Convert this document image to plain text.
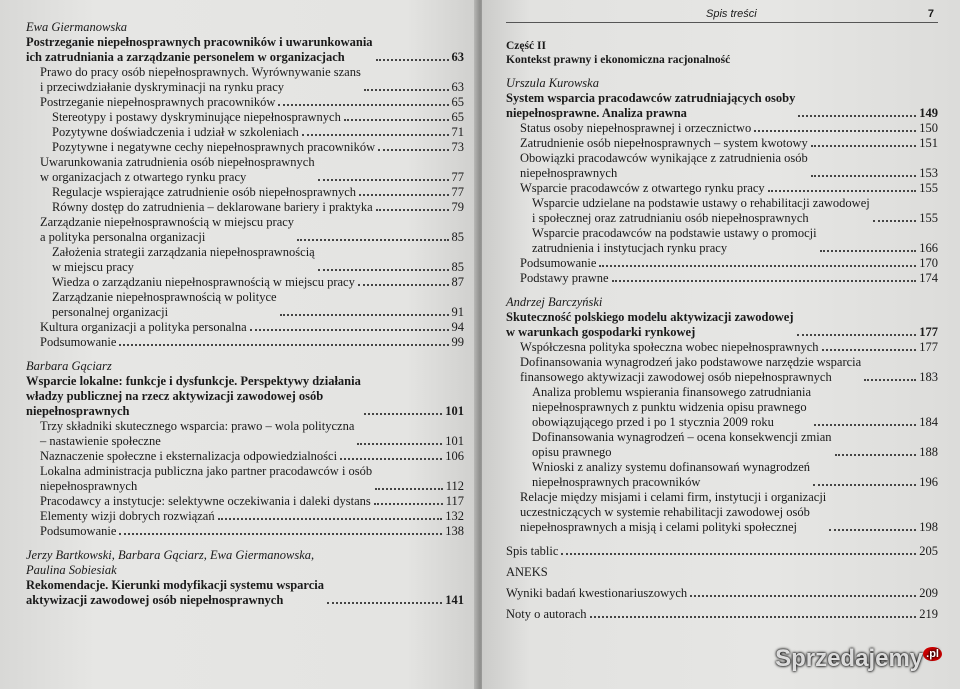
Ewa Giermanowska
Postrzeganie niepełnosprawnych pracowników i uwarunkowania
ich zatrudniania a zarządzanie personelem w organizacjach	63
Prawo do pracy osób niepełnosprawnych. Wyrównywanie szans
i przeciwdziałanie dyskryminacji na rynku pracy	63
Postrzeganie niepełnosprawnych pracowników	65
Stereotypy i postawy dyskryminujące niepełnosprawnych	65
Pozytywne doświadczenia i udział w szkoleniach	71
Pozytywne i negatywne cechy niepełnosprawnych pracowników	73
Uwarunkowania zatrudnienia osób niepełnosprawnych
w organizacjach z otwartego rynku pracy	77
Regulacje wspierające zatrudnienie osób niepełnosprawnych	77
Równy dostęp do zatrudnienia – deklarowane bariery i praktyka	79
Zarządzanie niepełnosprawnością w miejscu pracy
a polityka personalna organizacji	85
Założenia strategii zarządzania niepełnosprawnością
w miejscu pracy	85
Wiedza o zarządzaniu niepełnosprawnością w miejscu pracy	87
Zarządzanie niepełnosprawnością w polityce
personalnej organizacji	91
Kultura organizacji a polityka personalna	94
Podsumowanie	99
Barbara Gąciarz
Wsparcie lokalne: funkcje i dysfunkcje. Perspektywy działania
władzy publicznej na rzecz aktywizacji zawodowej osób
niepełnosprawnych	101
Trzy składniki skutecznego wsparcia: prawo – wola polityczna
– nastawienie społeczne	101
Naznaczenie społeczne i eksternalizacja odpowiedzialności	106
Lokalna administracja publiczna jako partner pracodawców i osób
niepełnosprawnych	112
Pracodawcy a instytucje: selektywne oczekiwania i daleki dystans	117
Elementy wizji dobrych rozwiązań	132
Podsumowanie	138
Jerzy Bartkowski, Barbara Gąciarz, Ewa Giermanowska,
Paulina Sobiesiak
Rekomendacje. Kierunki modyfikacji systemu wsparcia
aktywizacji zawodowej osób niepełnosprawnych	141
Spis treści	7
Część II
Kontekst prawny i ekonomiczna racjonalność
Urszula Kurowska
System wsparcia pracodawców zatrudniających osoby
niepełnosprawne. Analiza prawna	149
Status osoby niepełnosprawnej i orzecznictwo	150
Zatrudnienie osób niepełnosprawnych – system kwotowy	151
Obowiązki pracodawców wynikające z zatrudnienia osób
niepełnosprawnych	153
Wsparcie pracodawców z otwartego rynku pracy	155
Wsparcie udzielane na podstawie ustawy o rehabilitacji zawodowej
i społecznej oraz zatrudnianiu osób niepełnosprawnych	155
Wsparcie pracodawców na podstawie ustawy o promocji
zatrudnienia i instytucjach rynku pracy	166
Podsumowanie	170
Podstawy prawne	174
Andrzej Barczyński
Skuteczność polskiego modelu aktywizacji zawodowej
w warunkach gospodarki rynkowej	177
Współczesna polityka społeczna wobec niepełnosprawnych	177
Dofinansowania wynagrodzeń jako podstawowe narzędzie wsparcia
finansowego aktywizacji zawodowej osób niepełnosprawnych	183
Analiza problemu wspierania finansowego zatrudniania
niepełnosprawnych z punktu widzenia opisu prawnego
obowiązującego przed i po 1 stycznia 2009 roku	184
Dofinansowania wynagrodzeń – ocena konsekwencji zmian
opisu prawnego	188
Wnioski z analizy systemu dofinansowań wynagrodzeń
niepełnosprawnych pracowników	196
Relacje między misjami i celami firm, instytucji i organizacji
uczestniczących w systemie rehabilitacji zawodowej osób
niepełnosprawnych a misją i celami polityki społecznej	198
Spis tablic	205
ANEKS
Wyniki badań kwestionariuszowych	209
Noty o autorach	219
Sprzedajemy $^{.pl}$
